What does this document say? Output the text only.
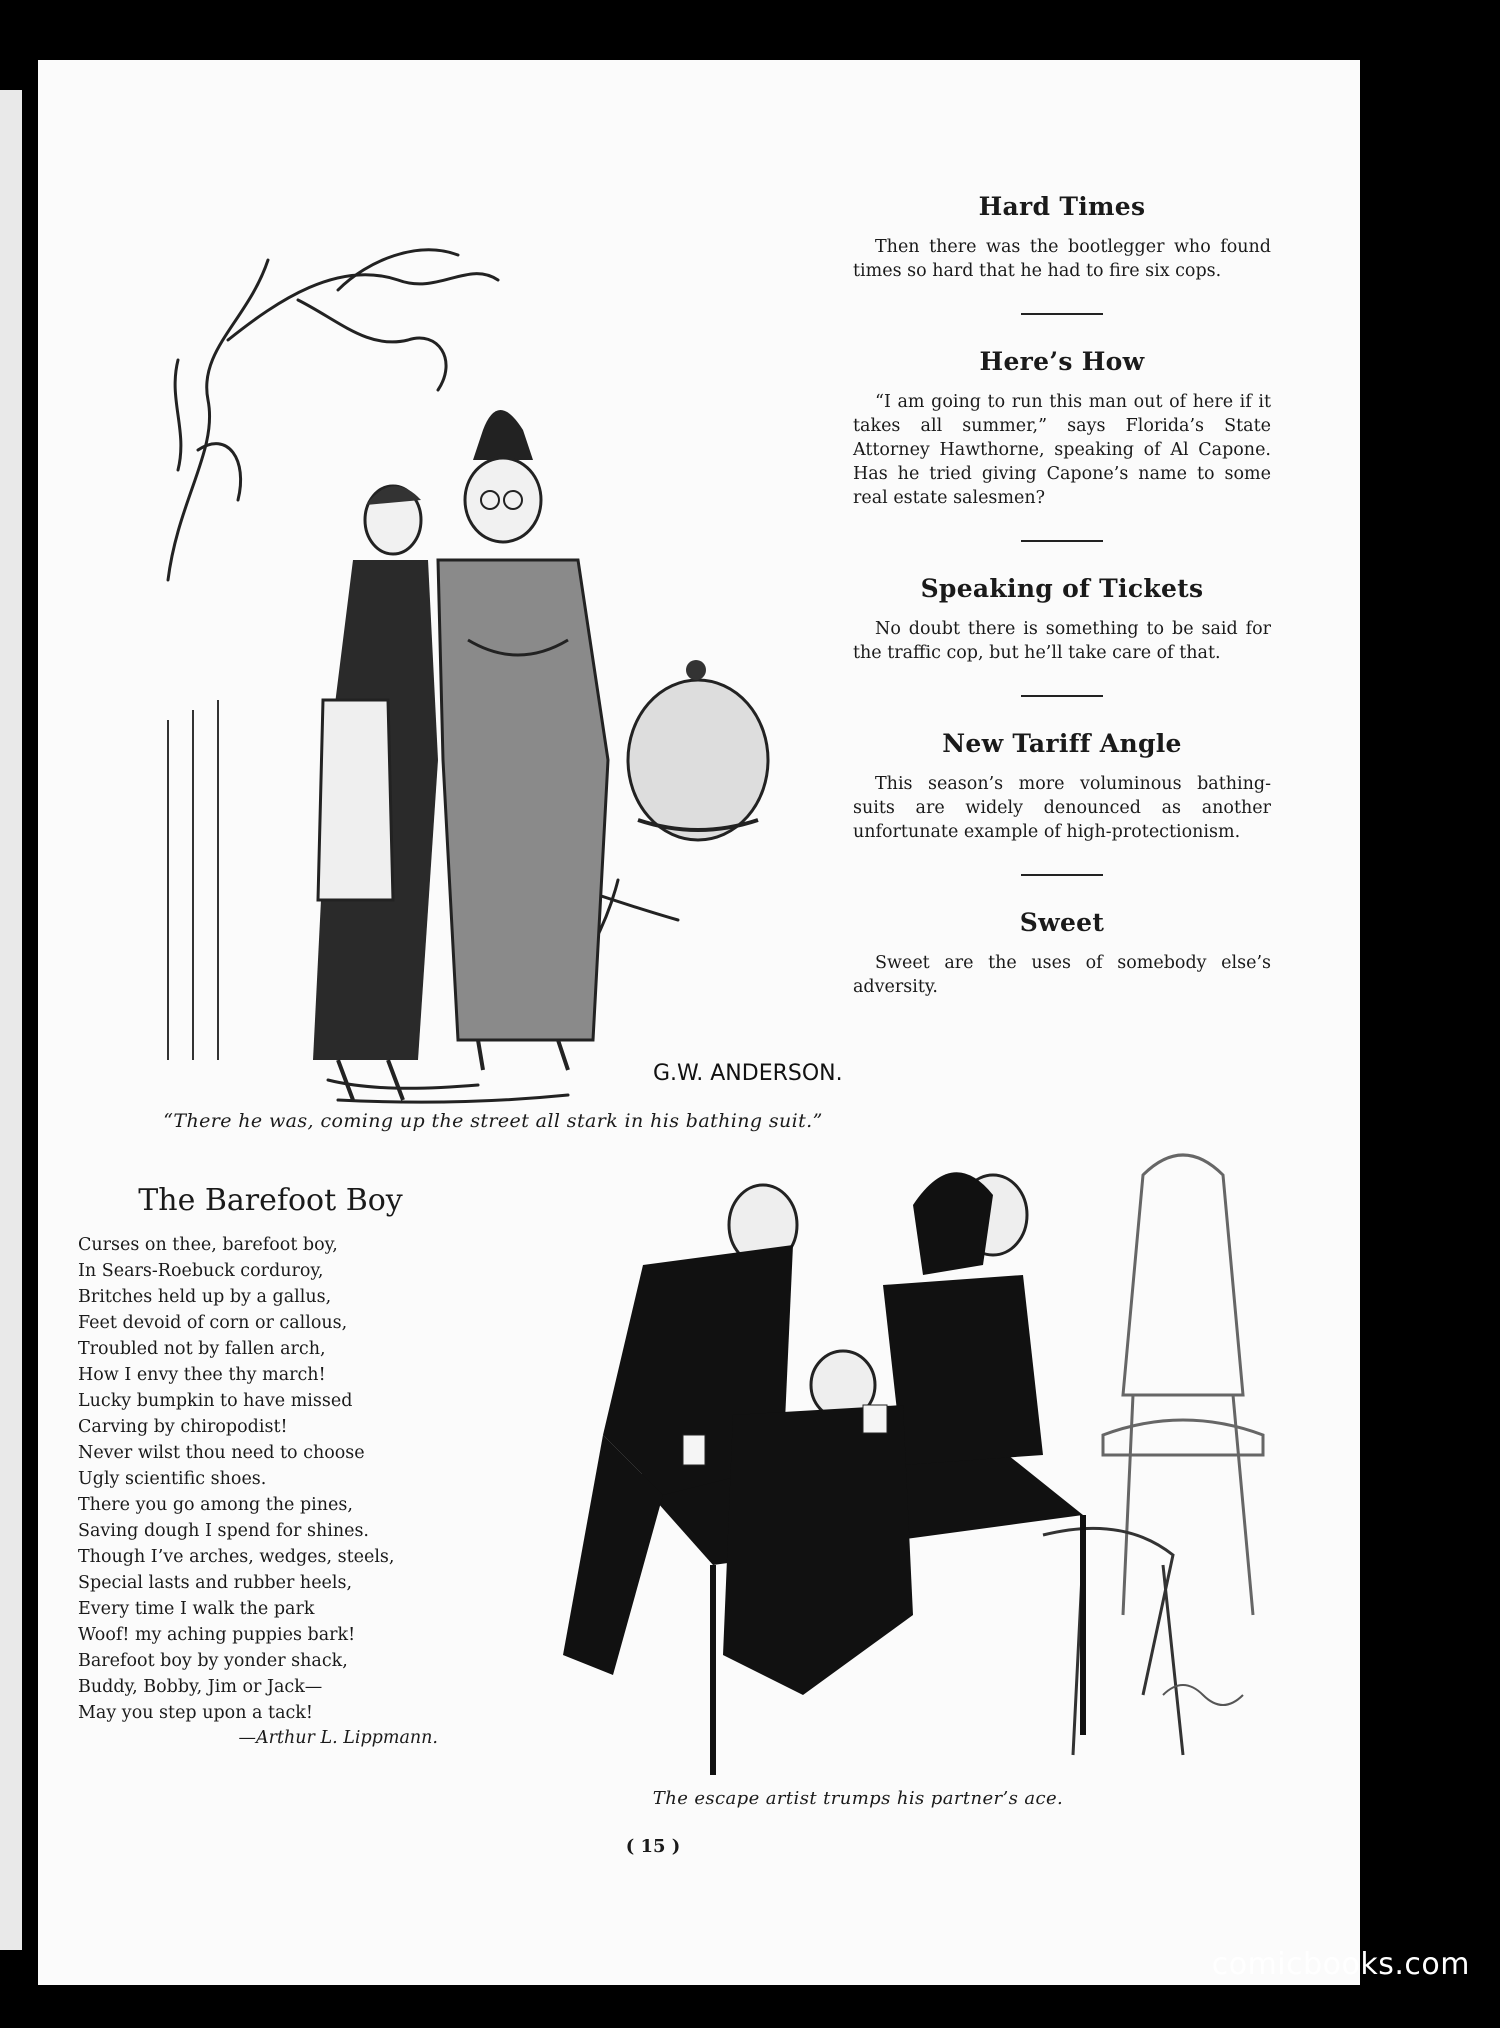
Hard Times

Then there was the bootlegger who found times so hard that he had to fire six cops.

Here’s How

“I am going to run this man out of here if it takes all summer,” says Florida’s State Attorney Hawthorne, speaking of Al Capone. Has he tried giving Capone’s name to some real estate salesmen?

Speaking of Tickets

No doubt there is something to be said for the traffic cop, but he’ll take care of that.

New Tariff Angle

This season’s more voluminous bathing-suits are widely denounced as another unfortunate example of high-protectionism.

Sweet

Sweet are the uses of somebody else’s adversity.

G.W. ANDERSON.
“There he was, coming up the street all stark in his bathing suit.”
The Barefoot Boy
Curses on thee, barefoot boy,
In Sears-Roebuck corduroy,
Britches held up by a gallus,
Feet devoid of corn or callous,
Troubled not by fallen arch,
How I envy thee thy march!
Lucky bumpkin to have missed
Carving by chiropodist!
Never wilst thou need to choose
Ugly scientific shoes.
There you go among the pines,
Saving dough I spend for shines.
Though I’ve arches, wedges, steels,
Special lasts and rubber heels,
Every time I walk the park
Woof! my aching puppies bark!
Barefoot boy by yonder shack,
Buddy, Bobby, Jim or Jack—
May you step upon a tack!
—Arthur L. Lippmann.
The escape artist trumps his partner’s ace.
( 15 )
comicbooks.com
